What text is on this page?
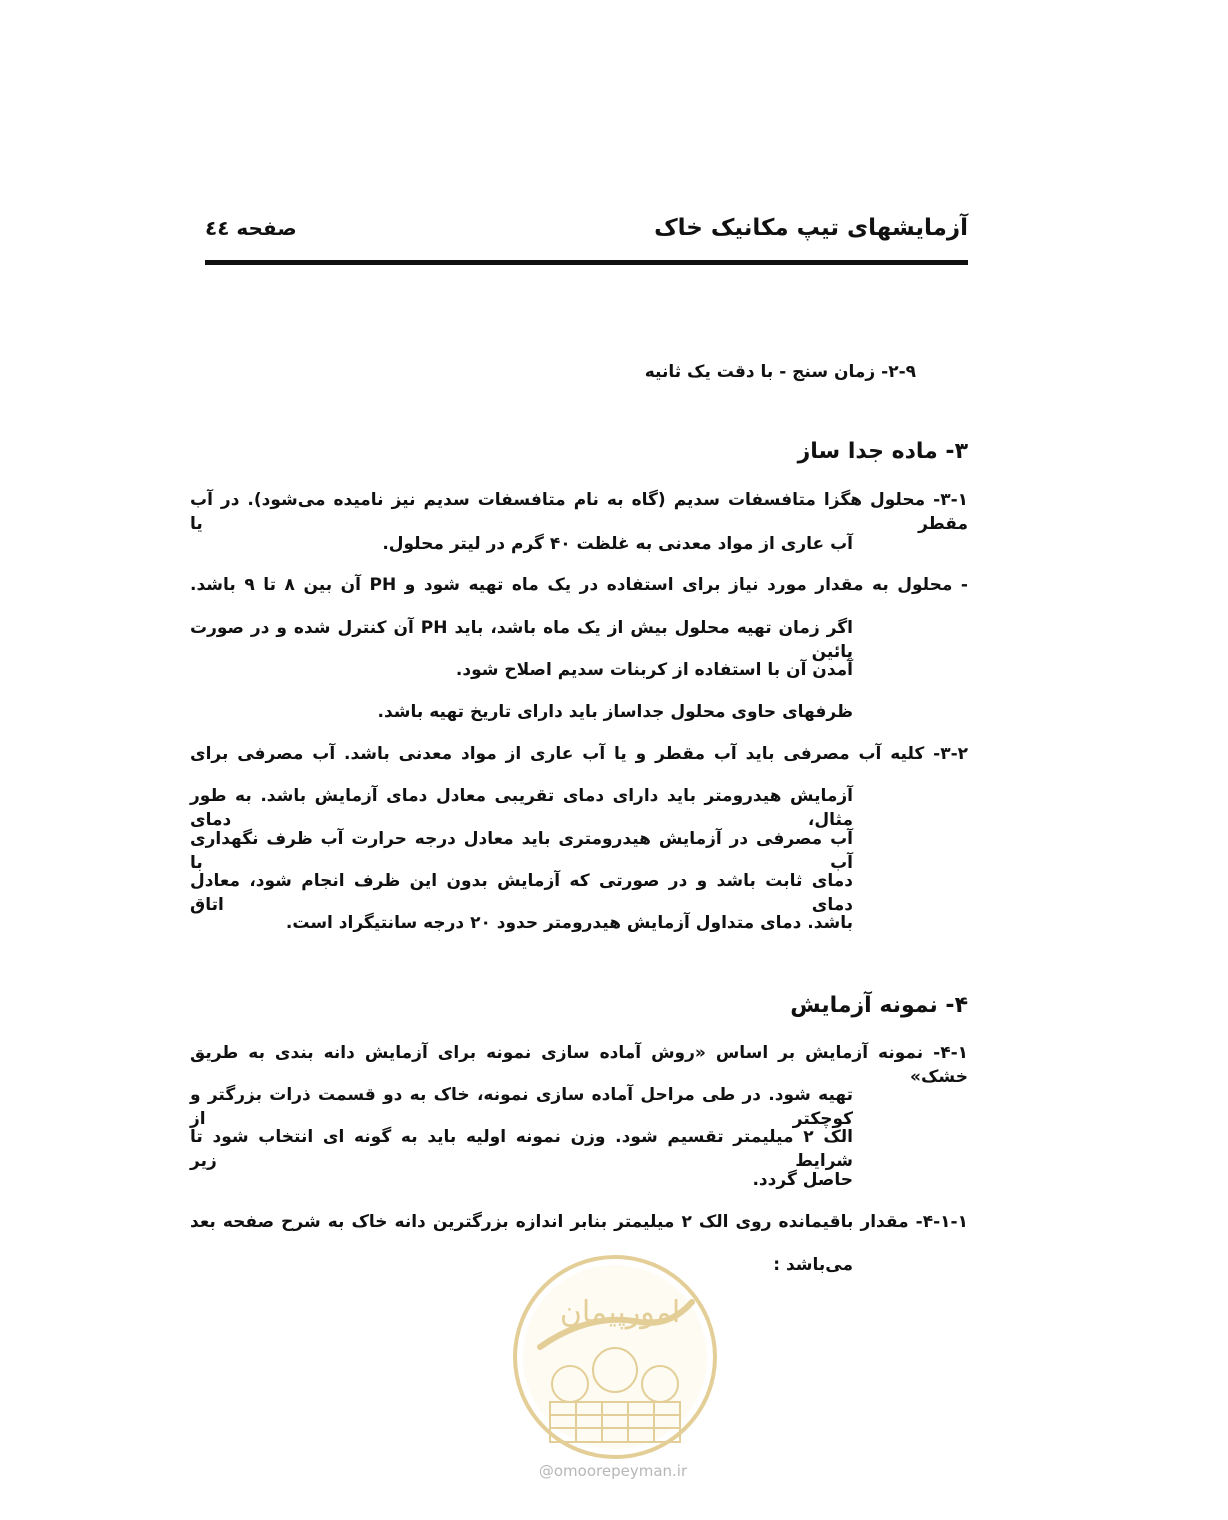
آزمایشهای تیپ مکانیک خاک
صفحه ٤٤
۲-۹- زمان سنج - با دقت یک ثانیه
۳- ماده جدا ساز
۳-۱- محلول هگزا متافسفات سدیم (گاه به نام متافسفات سدیم نیز نامیده می‌شود). در آب مقطر یا
آب عاری از مواد معدنی به غلظت ۴۰ گرم در لیتر محلول.
- محلول به مقدار مورد نیاز برای استفاده در یک ماه تهیه شود و PH آن بین ۸ تا ۹ باشد.
اگر زمان تهیه محلول بیش از یک ماه باشد، باید PH آن کنترل شده و در صورت پائین
آمدن آن با استفاده از کربنات سدیم اصلاح شود.
ظرفهای حاوی محلول جداساز باید دارای تاریخ تهیه باشد.
۳-۲- کلیه آب مصرفی باید آب مقطر و یا آب عاری از مواد معدنی باشد. آب مصرفی برای
آزمایش هیدرومتر باید دارای دمای تقریبی معادل دمای آزمایش باشد. به طور مثال، دمای
آب مصرفی در آزمایش هیدرومتری باید معادل درجه حرارت آب ظرف نگهداری آب با
دمای ثابت باشد و در صورتی که آزمایش بدون این ظرف انجام شود، معادل دمای اتاق
باشد. دمای متداول آزمایش هیدرومتر حدود ۲۰ درجه سانتیگراد است.
۴- نمونه آزمایش
۴-۱- نمونه آزمایش بر اساس «روش آماده سازی نمونه برای آزمایش دانه بندی به طریق خشک»
تهیه شود. در طی مراحل آماده سازی نمونه، خاک به دو قسمت ذرات بزرگتر و کوچکتر از
الک ۲ میلیمتر تقسیم شود. وزن نمونه اولیه باید به گونه ای انتخاب شود تا شرایط زیر
حاصل گردد.
۴-۱-۱- مقدار باقیمانده روی الک ۲ میلیمتر بنابر اندازه بزرگترین دانه خاک به شرح صفحه بعد
می‌باشد :
امورپیمان
@omoorepeyman.ir
